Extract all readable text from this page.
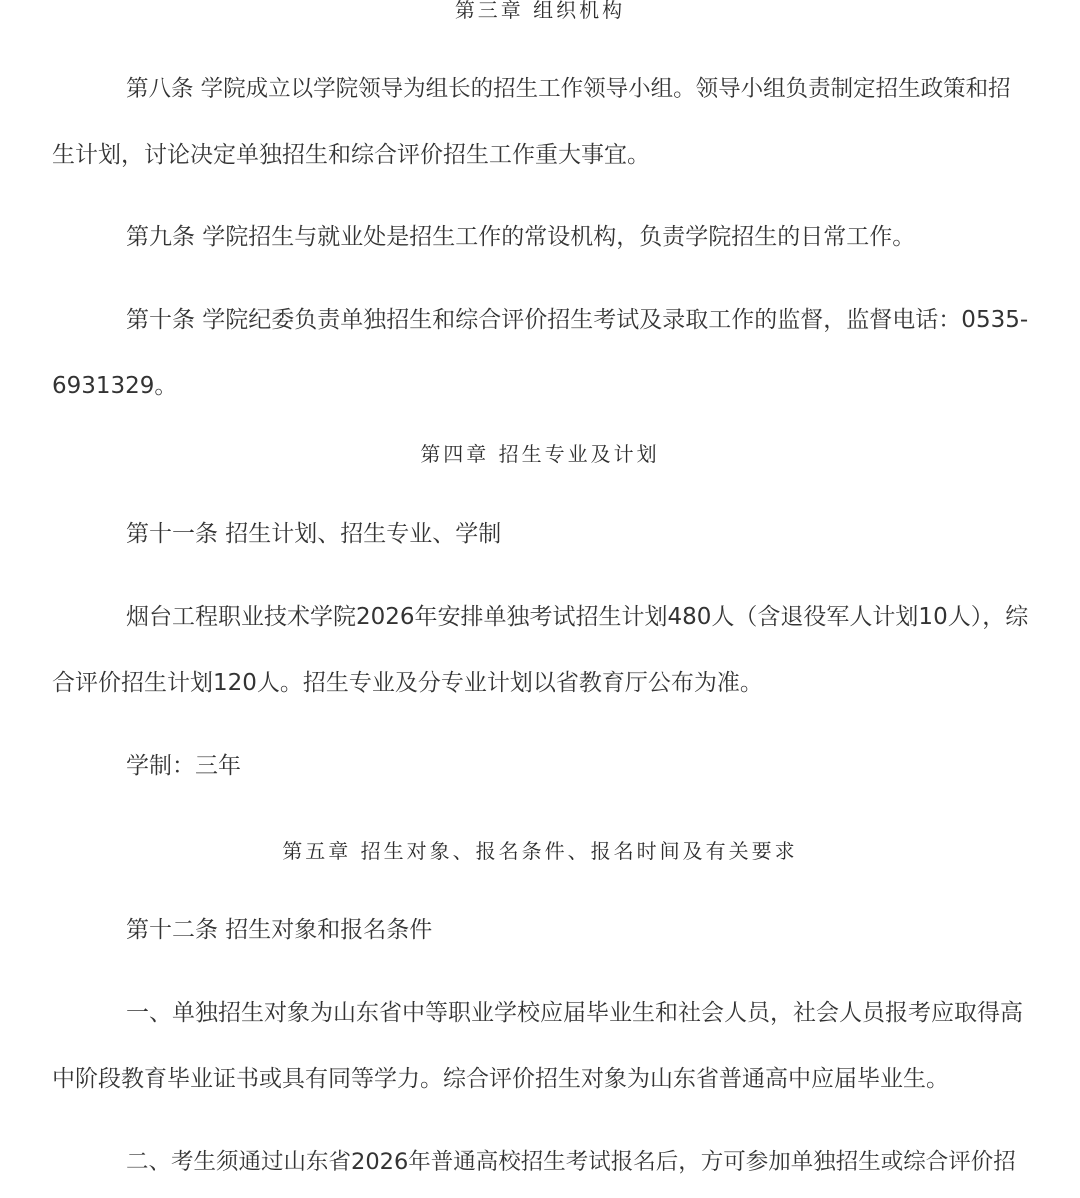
第三章 组织机构
第八条 学院成立以学院领导为组长的招生工作领导小组。领导小组负责制定招生政策和招
生计划，讨论决定单独招生和综合评价招生工作重大事宜。
第九条 学院招生与就业处是招生工作的常设机构，负责学院招生的日常工作。
第十条 学院纪委负责单独招生和综合评价招生考试及录取工作的监督，监督电话：0535-
6931329。
第四章 招生专业及计划
第十一条 招生计划、招生专业、学制
烟台工程职业技术学院2026年安排单独考试招生计划480人（含退役军人计划10人），综
合评价招生计划120人。招生专业及分专业计划以省教育厅公布为准。
学制：三年
第五章 招生对象、报名条件、报名时间及有关要求
第十二条 招生对象和报名条件
一、单独招生对象为山东省中等职业学校应届毕业生和社会人员，社会人员报考应取得高
中阶段教育毕业证书或具有同等学力。综合评价招生对象为山东省普通高中应届毕业生。
二、考生须通过山东省2026年普通高校招生考试报名后，方可参加单独招生或综合评价招
